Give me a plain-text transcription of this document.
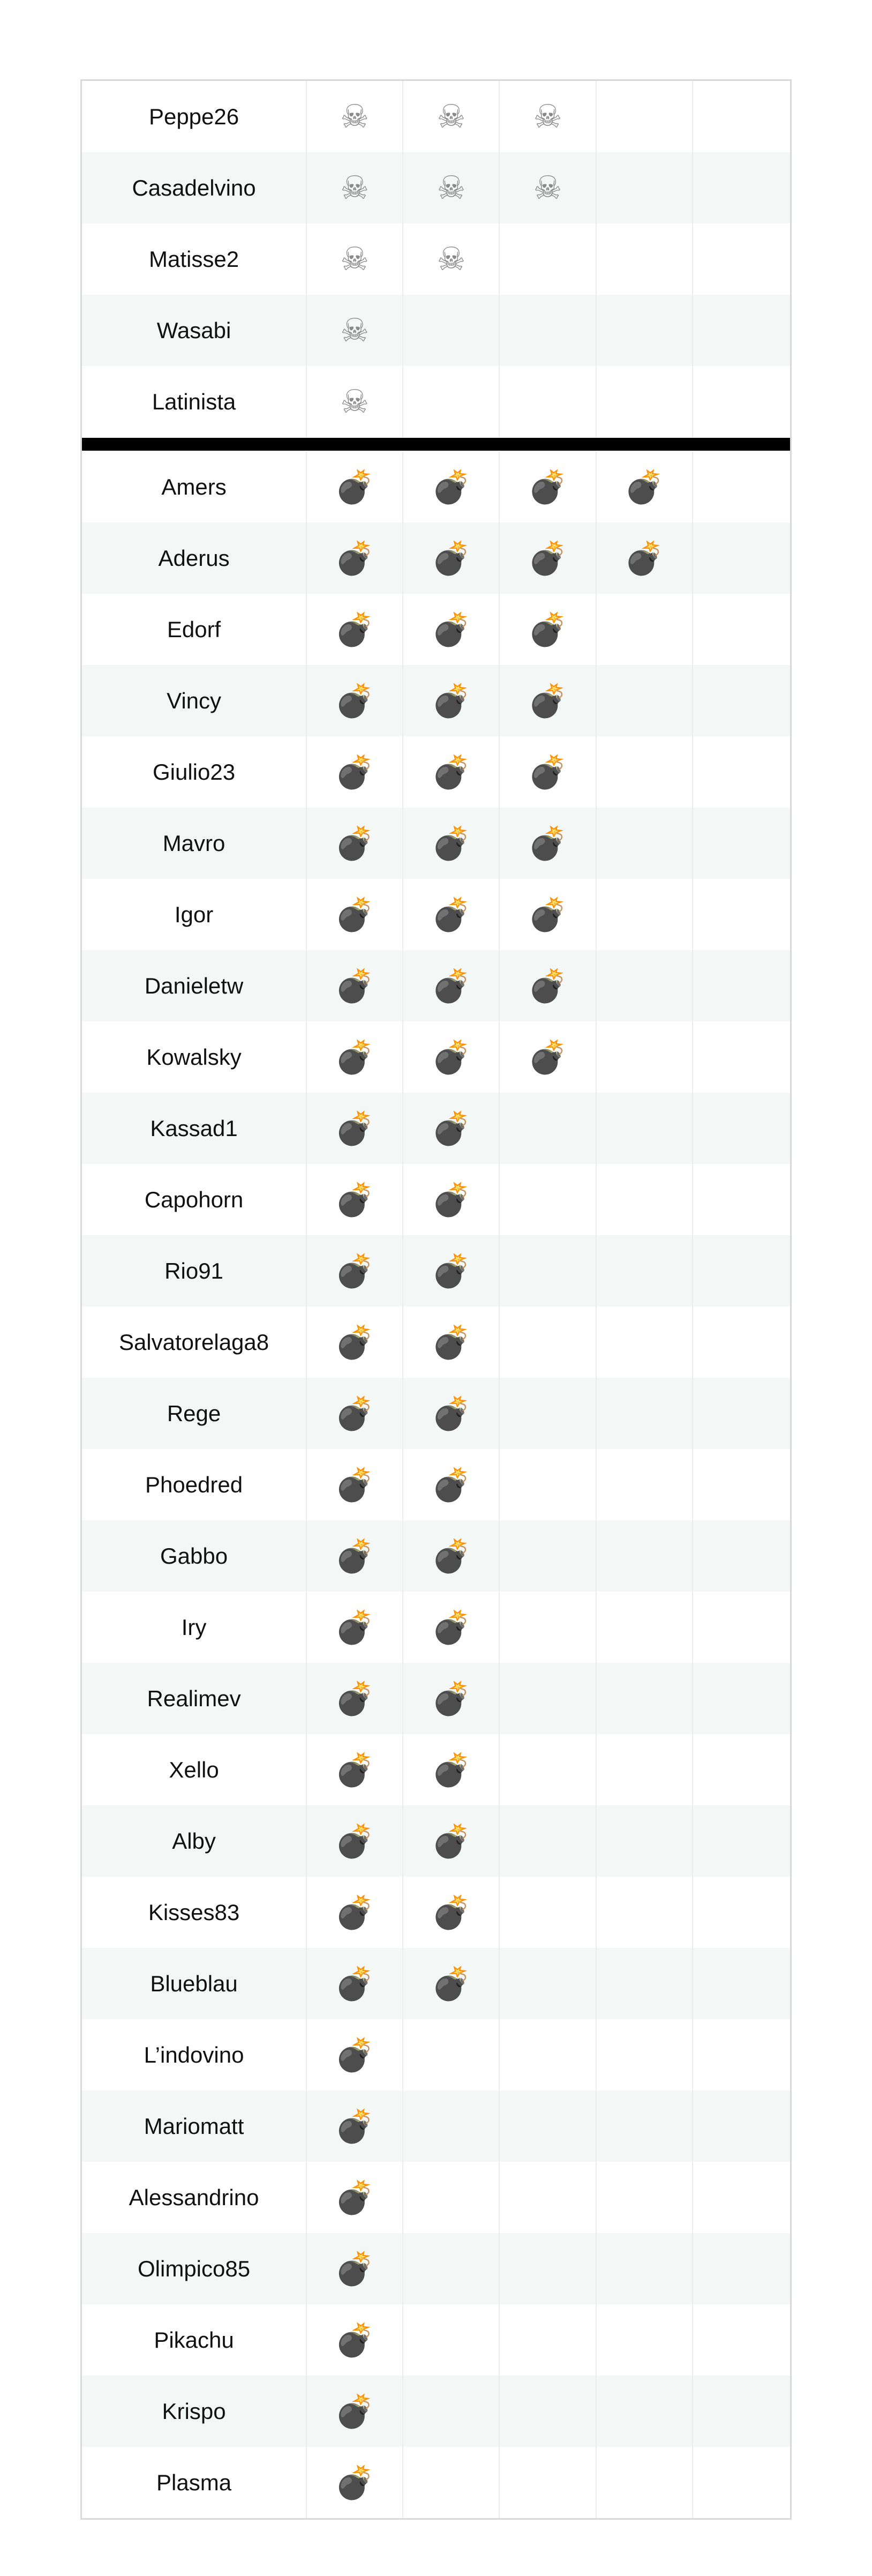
Peppe26	☠ ☠ ☠
Casadelvino	☠ ☠ ☠
Matisse2	☠ ☠
Wasabi	☠
Latinista	☠
Amers	💣 💣 💣 💣
Aderus	💣 💣 💣 💣
Edorf	💣 💣 💣
Vincy	💣 💣 💣
Giulio23	💣 💣 💣
Mavro	💣 💣 💣
Igor	💣 💣 💣
Danieletw	💣 💣 💣
Kowalsky	💣 💣 💣
Kassad1	💣 💣
Capohorn	💣 💣
Rio91	💣 💣
Salvatorelaga8	💣 💣
Rege	💣 💣
Phoedred	💣 💣
Gabbo	💣 💣
Iry	💣 💣
Realimev	💣 💣
Xello	💣 💣
Alby	💣 💣
Kisses83	💣 💣
Blueblau	💣 💣
L’indovino	💣
Mariomatt	💣
Alessandrino	💣
Olimpico85	💣
Pikachu	💣
Krispo	💣
Plasma	💣
